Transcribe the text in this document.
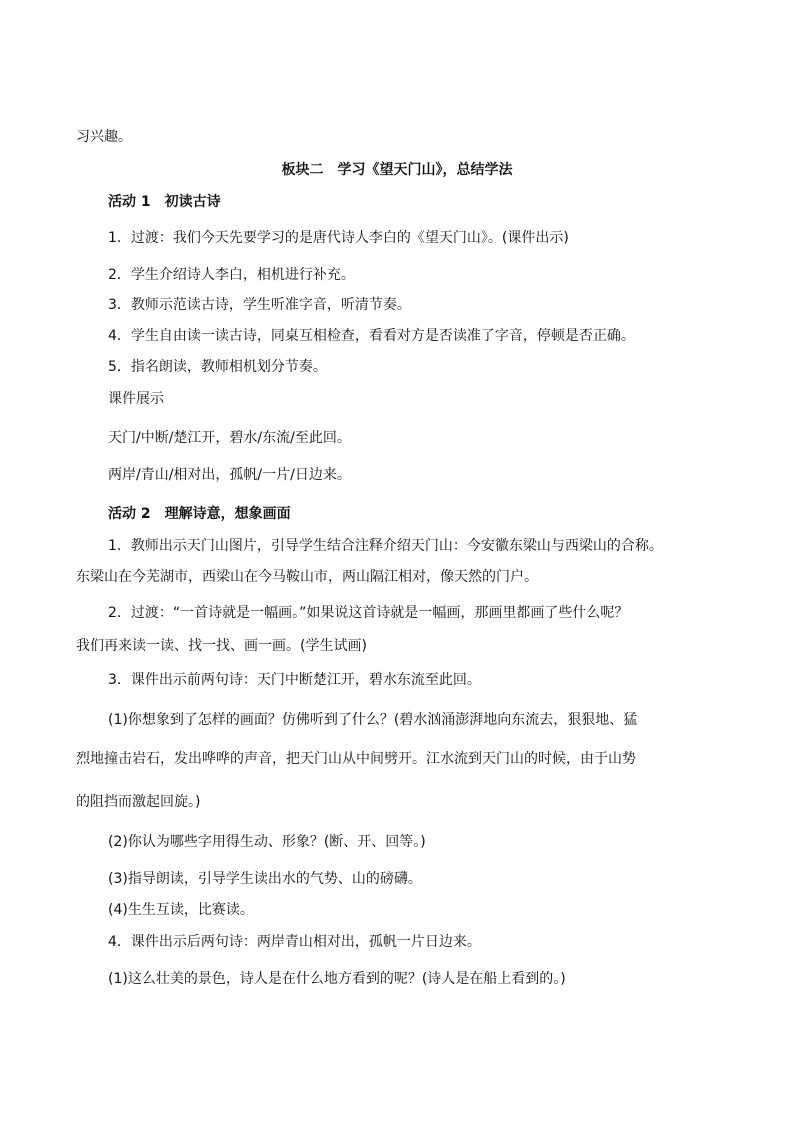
习兴趣。

板块二　学习《望天门山》，总结学法

活动 1　初读古诗

1．过渡：我们今天先要学习的是唐代诗人李白的《望天门山》。(课件出示)

2．学生介绍诗人李白，相机进行补充。

3．教师示范读古诗，学生听准字音，听清节奏。

4．学生自由读一读古诗，同桌互相检查，看看对方是否读准了字音，停顿是否正确。

5．指名朗读，教师相机划分节奏。

课件展示

天门/中断/楚江开，碧水/东流/至此回。

两岸/青山/相对出，孤帆/一片/日边来。

活动 2　理解诗意，想象画面

1．教师出示天门山图片，引导学生结合注释介绍天门山：今安徽东梁山与西梁山的合称。

东梁山在今芜湖市，西梁山在今马鞍山市，两山隔江相对，像天然的门户。

2．过渡：“一首诗就是一幅画。”如果说这首诗就是一幅画，那画里都画了些什么呢？

我们再来读一读、找一找、画一画。(学生试画)

3．课件出示前两句诗：天门中断楚江开，碧水东流至此回。

(1)你想象到了怎样的画面？仿佛听到了什么？(碧水汹涌澎湃地向东流去，狠狠地、猛

烈地撞击岩石，发出哗哗的声音，把天门山从中间劈开。江水流到天门山的时候，由于山势

的阻挡而激起回旋。)

(2)你认为哪些字用得生动、形象？(断、开、回等。)

(3)指导朗读，引导学生读出水的气势、山的磅礴。

(4)生生互读，比赛读。

4．课件出示后两句诗：两岸青山相对出，孤帆一片日边来。

(1)这么壮美的景色，诗人是在什么地方看到的呢？(诗人是在船上看到的。)
